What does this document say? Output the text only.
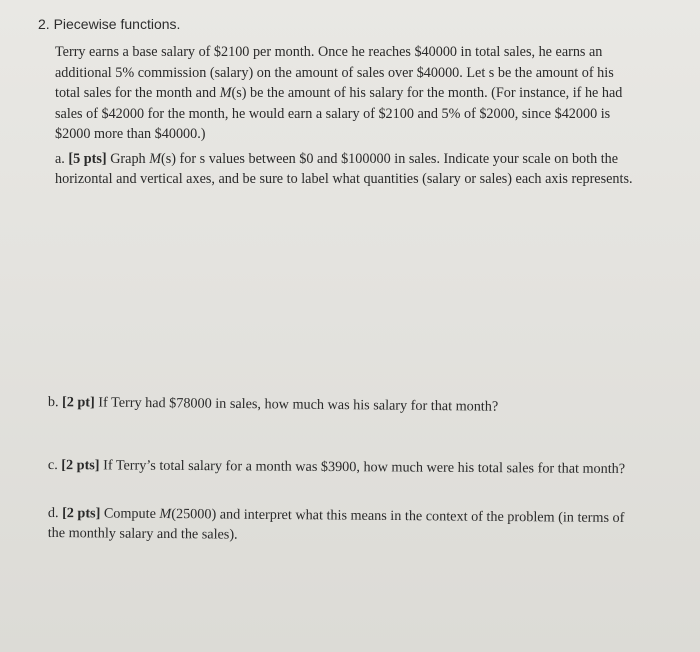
2. Piecewise functions.
Terry earns a base salary of $2100 per month. Once he reaches $40000 in total sales, he earns an
additional 5% commission (salary) on the amount of sales over $40000. Let s be the amount of his
total sales for the month and M(s) be the amount of his salary for the month. (For instance, if he had
sales of $42000 for the month, he would earn a salary of $2100 and 5% of $2000, since $42000 is
$2000 more than $40000.)
a. [5 pts] Graph M(s) for s values between $0 and $100000 in sales. Indicate your scale on both the
horizontal and vertical axes, and be sure to label what quantities (salary or sales) each axis represents.
b. [2 pt] If Terry had $78000 in sales, how much was his salary for that month?
c. [2 pts] If Terry’s total salary for a month was $3900, how much were his total sales for that month?
d. [2 pts] Compute M(25000) and interpret what this means in the context of the problem (in terms of
the monthly salary and the sales).
